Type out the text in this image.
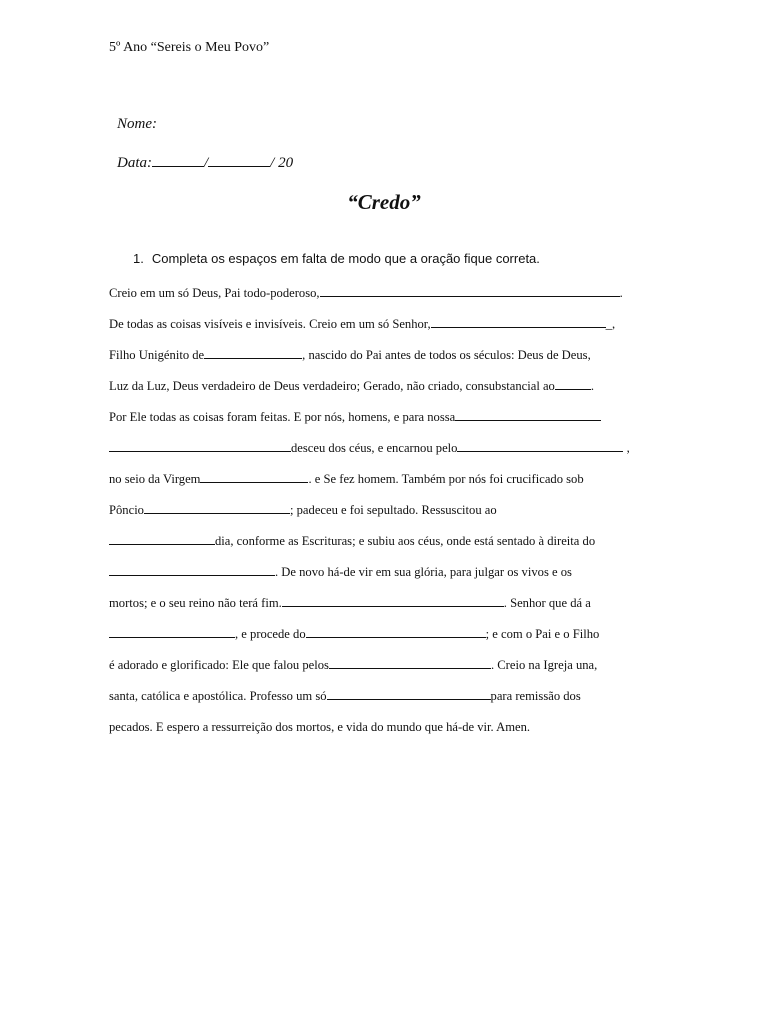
5º Ano “Sereis o Meu Povo”
Nome:
Data:	/	/ 20
“Credo”
1. Completa os espaços em falta de modo que a oração fique correta.
Creio em um só Deus, Pai todo-poderoso,	.
De todas as coisas visíveis e invisíveis. Creio em um só Senhor,	_,
Filho Unigénito de	, nascido do Pai antes de todos os séculos: Deus de Deus,
Luz da Luz, Deus verdadeiro de Deus verdadeiro; Gerado, não criado, consubstancial ao	.
Por Ele todas as coisas foram feitas. E por nós, homens, e para nossa
desceu dos céus, e encarnou pelo	,
no seio da Virgem	. e Se fez homem. Também por nós foi crucificado sob
Pôncio	; padeceu e foi sepultado. Ressuscitou ao
dia, conforme as Escrituras; e subiu aos céus, onde está sentado à direita do
. De novo há-de vir em sua glória, para julgar os vivos e os
mortos; e o seu reino não terá fim.	. Senhor que dá a
, e procede do	; e com o Pai e o Filho
é adorado e glorificado: Ele que falou pelos	. Creio na Igreja una,
santa, católica e apostólica. Professo um só	para remissão dos
pecados. E espero a ressurreição dos mortos, e vida do mundo que há-de vir. Amen.
